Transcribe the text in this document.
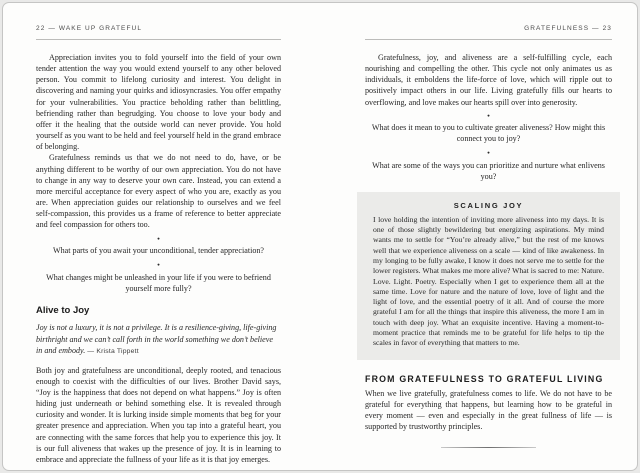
22 — WAKE UP GRATEFUL

Appreciation invites you to fold yourself into the field of your own tender attention the way you would extend yourself to any other beloved person. You commit to lifelong curiosity and interest. You delight in discovering and naming your quirks and idiosyncrasies. You offer empathy for your vulnerabilities. You practice beholding rather than belittling, befriending rather than begrudging. You choose to love your body and offer it the healing that the outside world can never provide. You hold yourself as you want to be held and feel yourself held in the grand embrace of belonging.

Gratefulness reminds us that we do not need to do, have, or be anything different to be worthy of our own appreciation. You do not have to change in any way to deserve your own care. Instead, you can extend a more merciful acceptance for every aspect of who you are, exactly as you are. When appreciation guides our relationship to ourselves and we feel self-compassion, this provides us a frame of reference to better appreciate and feel compassion for others too.

●

What parts of you await your unconditional, tender appreciation?

●

What changes might be unleashed in your life if you were to befriend yourself more fully?

Alive to Joy

Joy is not a luxury, it is not a privilege. It is a resilience-giving, life-giving birthright and we can’t call forth in the world something we don’t believe in and embody. — Krista Tippett

Both joy and gratefulness are unconditional, deeply rooted, and tenacious enough to coexist with the difficulties of our lives. Brother David says, “Joy is the happiness that does not depend on what happens.” Joy is often hiding just underneath or behind something else. It is revealed through curiosity and wonder. It is lurking inside simple moments that beg for your greater presence and appreciation. When you tap into a grateful heart, you are connecting with the same forces that help you to experience this joy. It is our full aliveness that wakes up the presence of joy. It is in learning to embrace and appreciate the fullness of your life as it is that joy emerges.

GRATEFULNESS — 23

Gratefulness, joy, and aliveness are a self-fulfilling cycle, each nourishing and compelling the other. This cycle not only animates us as individuals, it emboldens the life-force of love, which will ripple out to positively impact others in our life. Living gratefully fills our hearts to overflowing, and love makes our hearts spill over into generosity.

●

What does it mean to you to cultivate greater aliveness? How might this connect you to joy?

●

What are some of the ways you can prioritize and nurture what enlivens you?

SCALING JOY

I love holding the intention of inviting more aliveness into my days. It is one of those slightly bewildering but energizing aspirations. My mind wants me to settle for “You’re already alive,” but the rest of me knows well that we experience aliveness on a scale — kind of like awakeness. In my longing to be fully awake, I know it does not serve me to settle for the lower registers. What makes me more alive? What is sacred to me: Nature. Love. Light. Poetry. Especially when I get to experience them all at the same time. Love for nature and the nature of love, love of light and the light of love, and the essential poetry of it all. And of course the more grateful I am for all the things that inspire this aliveness, the more I am in touch with deep joy. What an exquisite incentive. Having a moment-to-moment practice that reminds me to be grateful for life helps to tip the scales in favor of everything that matters to me.

FROM GRATEFULNESS TO GRATEFUL LIVING

When we live gratefully, gratefulness comes to life. We do not have to be grateful for everything that happens, but learning how to be grateful in every moment — even and especially in the great fullness of life — is supported by trustworthy principles.
